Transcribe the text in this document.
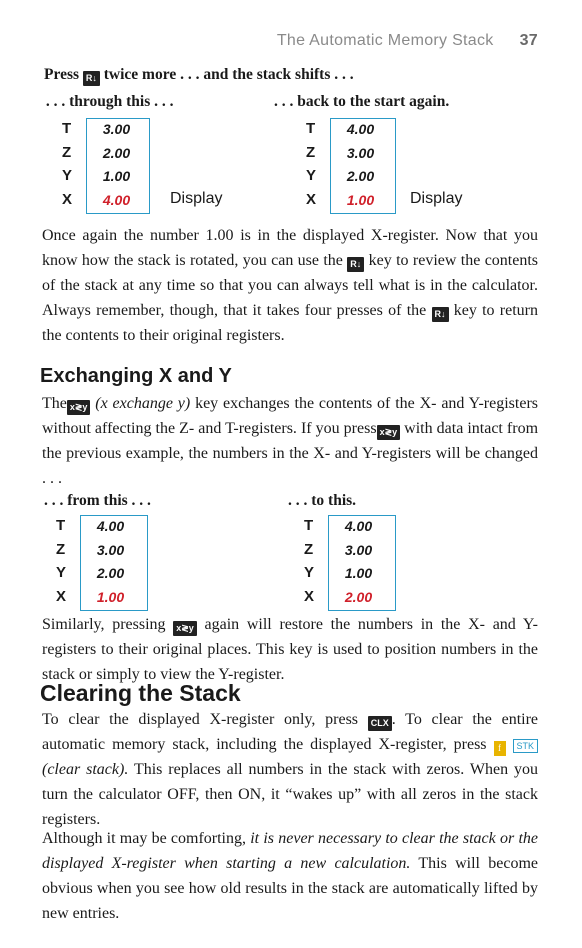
The Automatic Memory Stack 37
Press R↓ twice more . . . and the stack shifts . . .
. . . through this . . .	. . . back to the start again.
T	3.00
Z	2.00
Y	1.00
X	4.00	Display
T	4.00
Z	3.00
Y	2.00
X	1.00	Display
Once again the number 1.00 is in the displayed X-register. Now that you know how the stack is rotated, you can use the R↓ key to review the contents of the stack at any time so that you can always tell what is in the calculator. Always remember, though, that it takes four presses of the R↓ key to return the contents to their original registers.
Exchanging X and Y
The x≷y (x exchange y) key exchanges the contents of the X- and Y-registers without affecting the Z- and T-registers. If you press x≷y with data intact from the previous example, the numbers in the X- and Y-registers will be changed . . .
. . . from this . . .	. . . to this.
T	4.00
Z	3.00
Y	2.00
X	1.00
T	4.00
Z	3.00
Y	1.00
X	2.00
Similarly, pressing x≷y again will restore the numbers in the X- and Y-registers to their original places. This key is used to position numbers in the stack or simply to view the Y-register.
Clearing the Stack
To clear the displayed X-register only, press CLX . To clear the entire automatic memory stack, including the displayed X-register, press f STK(clear stack). This replaces all numbers in the stack with zeros. When you turn the calculator OFF, then ON, it “wakes up” with all zeros in the stack registers.
Although it may be comforting, it is never necessary to clear the stack or the displayed X-register when starting a new calculation. This will become obvious when you see how old results in the stack are automatically lifted by new entries.
